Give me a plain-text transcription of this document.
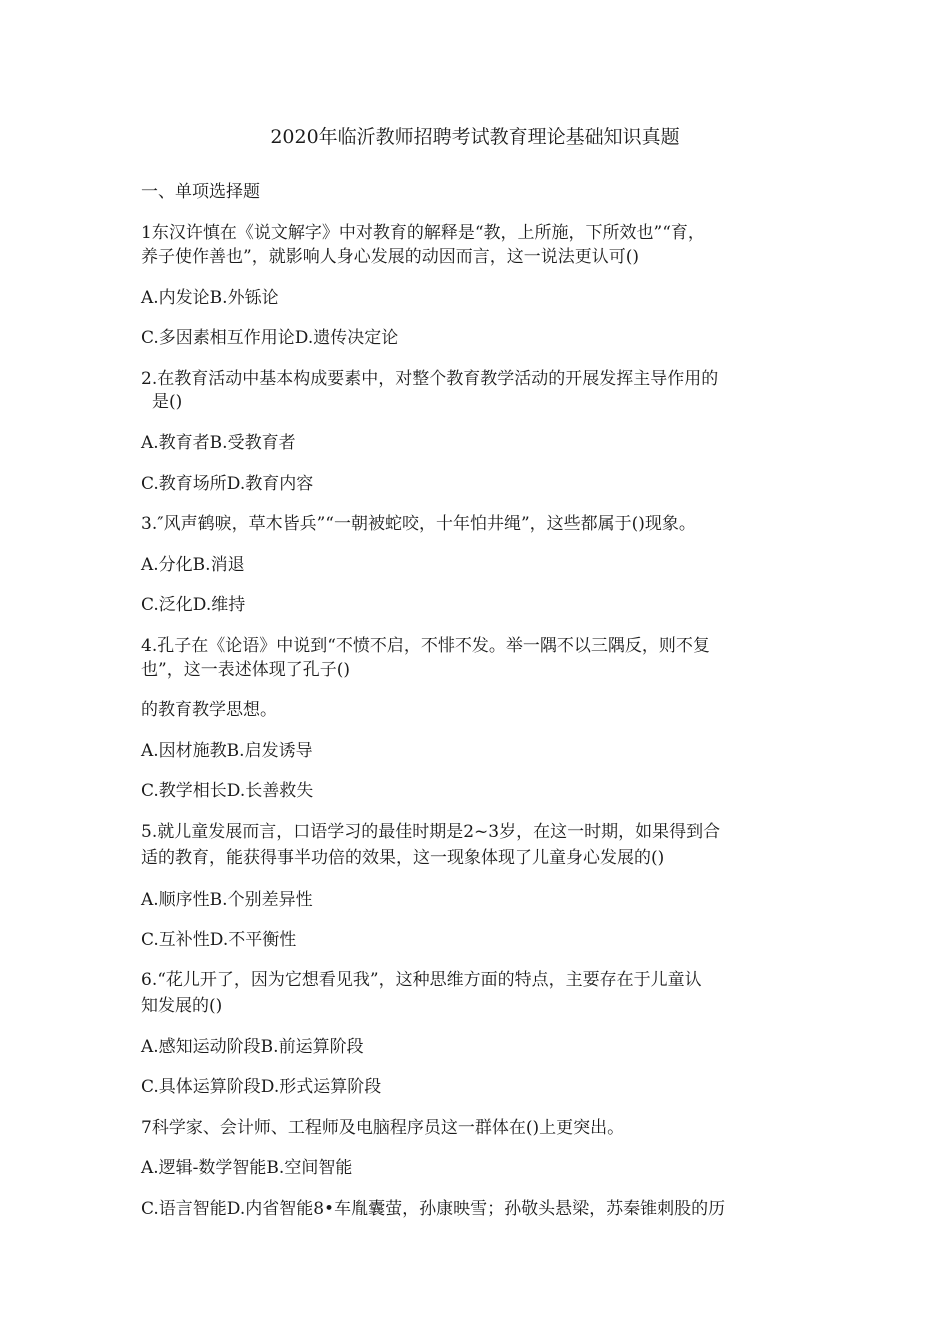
2020年临沂教师招聘考试教育理论基础知识真题
一、单项选择题
1东汉许慎在《说文解字》中对教育的解释是“教，上所施，下所效也”“育，
养子使作善也”，就影响人身心发展的动因而言，这一说法更认可()
A.内发论B.外铄论
C.多因素相互作用论D.遗传决定论
2.在教育活动中基本构成要素中，对整个教育教学活动的开展发挥主导作用的
是()
A.教育者B.受教育者
C.教育场所D.教育内容
3.″风声鹤唳，草木皆兵”“一朝被蛇咬，十年怕井绳”，这些都属于()现象。
A.分化B.消退
C.泛化D.维持
4.孔子在《论语》中说到“不愤不启，不悱不发。举一隅不以三隅反，则不复
也”，这一表述体现了孔子()
的教育教学思想。
A.因材施教B.启发诱导
C.教学相长D.长善救失
5.就儿童发展而言，口语学习的最佳时期是2~3岁，在这一时期，如果得到合
适的教育，能获得事半功倍的效果，这一现象体现了儿童身心发展的()
A.顺序性B.个别差异性
C.互补性D.不平衡性
6.“花儿开了，因为它想看见我”，这种思维方面的特点，主要存在于儿童认
知发展的()
A.感知运动阶段B.前运算阶段
C.具体运算阶段D.形式运算阶段
7科学家、会计师、工程师及电脑程序员这一群体在()上更突出。
A.逻辑-数学智能B.空间智能
C.语言智能D.内省智能8•车胤囊萤，孙康映雪；孙敬头悬梁，苏秦锥刺股的历
